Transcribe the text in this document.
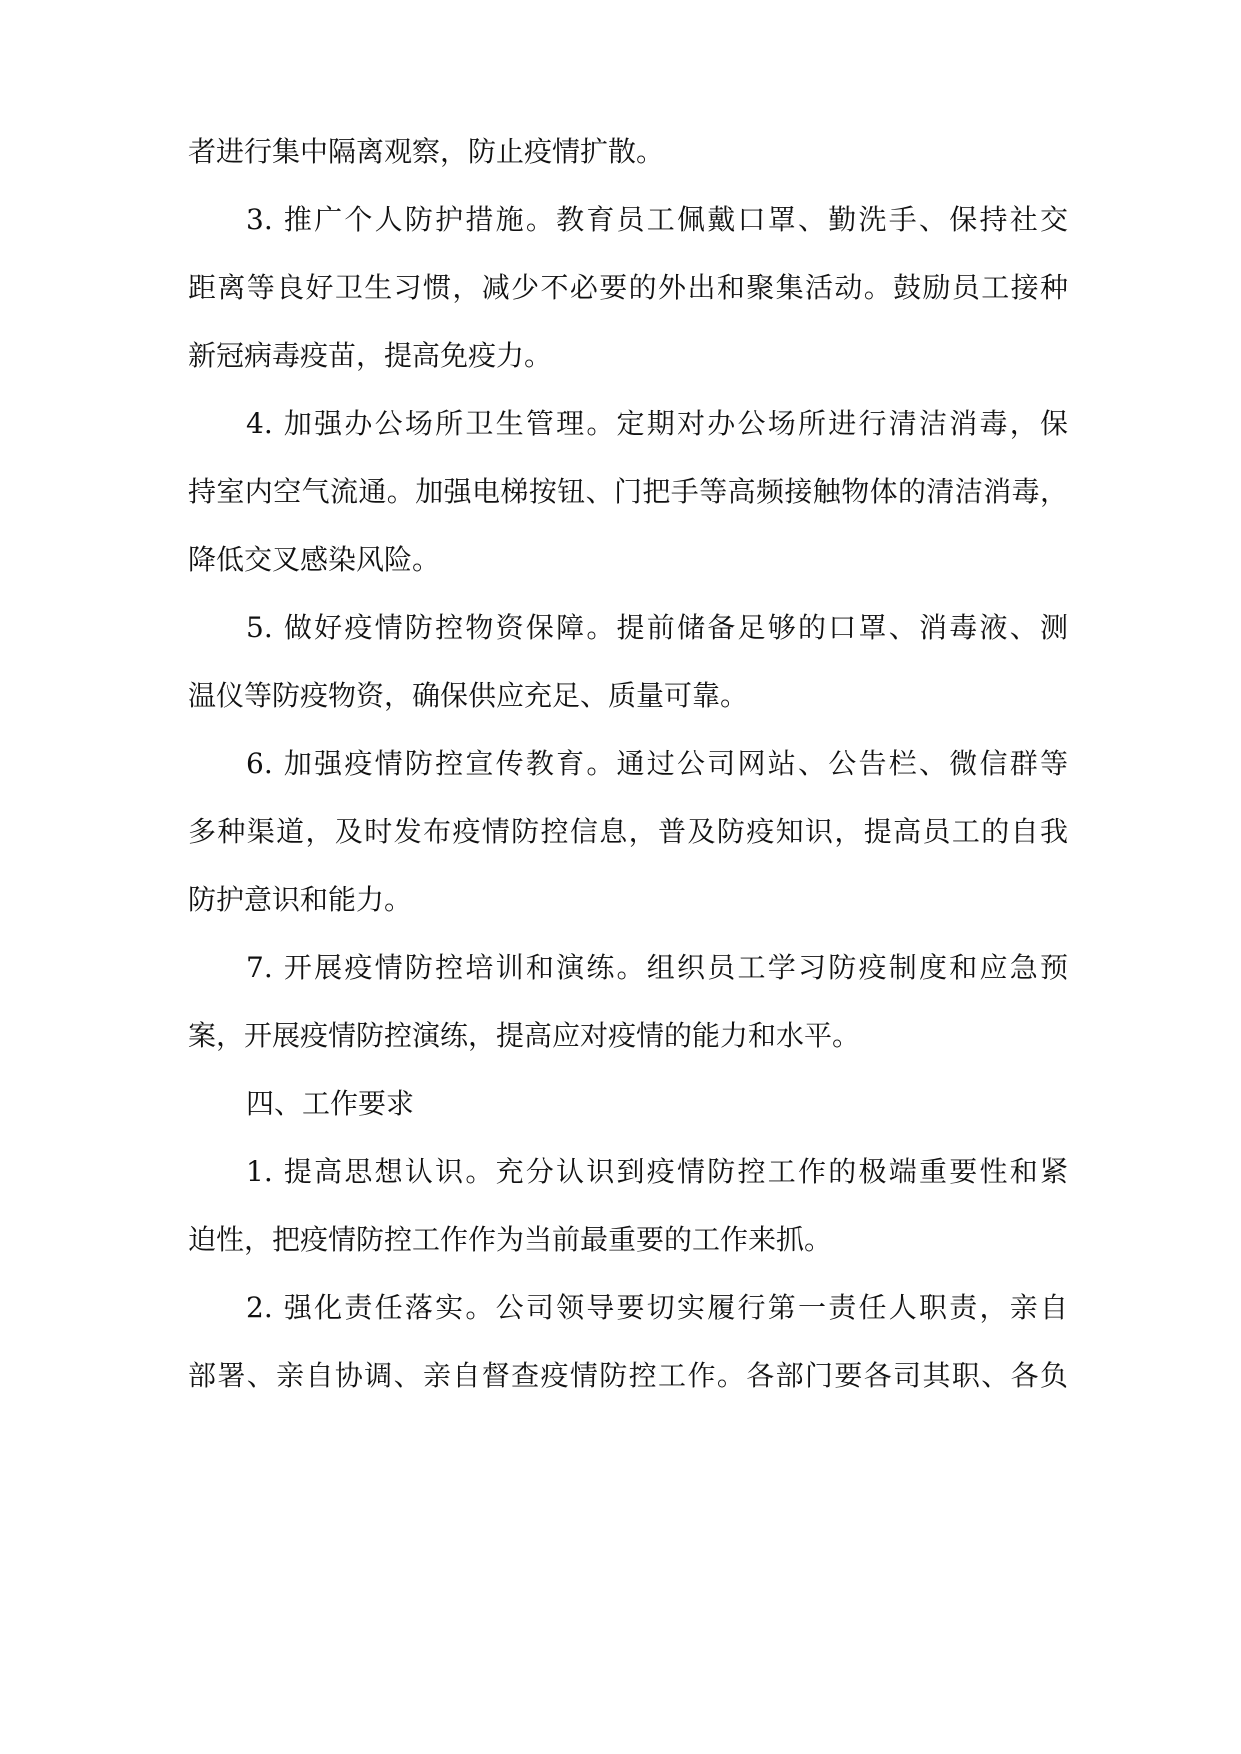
者进行集中隔离观察，防止疫情扩散。
3. 推广个人防护措施。教育员工佩戴口罩、勤洗手、保持社交
距离等良好卫生习惯，减少不必要的外出和聚集活动。鼓励员工接种
新冠病毒疫苗，提高免疫力。
4. 加强办公场所卫生管理。定期对办公场所进行清洁消毒，保
持室内空气流通。加强电梯按钮、门把手等高频接触物体的清洁消毒，
降低交叉感染风险。
5. 做好疫情防控物资保障。提前储备足够的口罩、消毒液、测
温仪等防疫物资，确保供应充足、质量可靠。
6. 加强疫情防控宣传教育。通过公司网站、公告栏、微信群等
多种渠道，及时发布疫情防控信息，普及防疫知识，提高员工的自我
防护意识和能力。
7. 开展疫情防控培训和演练。组织员工学习防疫制度和应急预
案，开展疫情防控演练，提高应对疫情的能力和水平。
四、工作要求
1. 提高思想认识。充分认识到疫情防控工作的极端重要性和紧
迫性，把疫情防控工作作为当前最重要的工作来抓。
2. 强化责任落实。公司领导要切实履行第一责任人职责，亲自
部署、亲自协调、亲自督查疫情防控工作。各部门要各司其职、各负
